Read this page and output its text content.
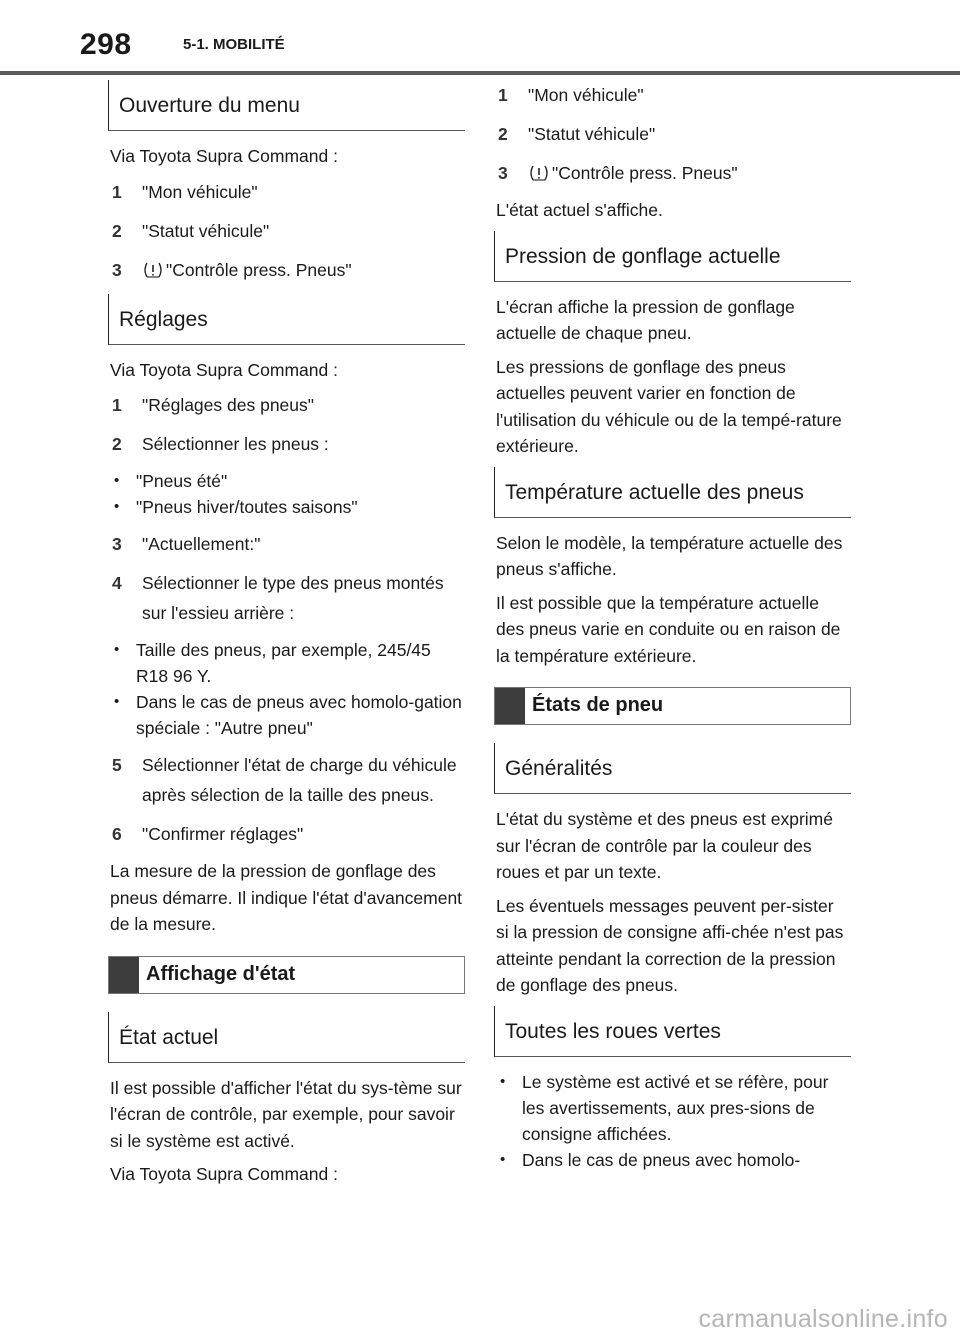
298	5-1. MOBILITÉ
Ouverture du menu

Via Toyota Supra Command :

1 "Mon véhicule"
2 "Statut véhicule"
3	"Contrôle press. Pneus"
Réglages

Via Toyota Supra Command :

1 "Réglages des pneus"
2 Sélectionner les pneus :
• "Pneus été"
• "Pneus hiver/toutes saisons"
3 "Actuellement:"
4 Sélectionner le type des pneus montés sur l'essieu arrière :
• Taille des pneus, par exemple, 245/45 R18 96 Y.
• Dans le cas de pneus avec homolo-gation spéciale : "Autre pneu"
5 Sélectionner l'état de charge du véhicule après sélection de la taille des pneus.
6 "Confirmer réglages"

La mesure de la pression de gonflage des pneus démarre. Il indique l'état d'avancement de la mesure.

Affichage d'état
État actuel

Il est possible d'afficher l'état du sys-tème sur l'écran de contrôle, par exemple, pour savoir si le système est activé.

Via Toyota Supra Command :

1 "Mon véhicule"
2 "Statut véhicule"
3	"Contrôle press. Pneus"

L'état actuel s'affiche.

Pression de gonflage actuelle

L'écran affiche la pression de gonflage actuelle de chaque pneu.

Les pressions de gonflage des pneus actuelles peuvent varier en fonction de l'utilisation du véhicule ou de la tempé-rature extérieure.

Température actuelle des pneus

Selon le modèle, la température actuelle des pneus s'affiche.

Il est possible que la température actuelle des pneus varie en conduite ou en raison de la température extérieure.

États de pneu
Généralités

L'état du système et des pneus est exprimé sur l'écran de contrôle par la couleur des roues et par un texte.

Les éventuels messages peuvent per-sister si la pression de consigne affi-chée n'est pas atteinte pendant la correction de la pression de gonflage des pneus.

Toutes les roues vertes
• Le système est activé et se réfère, pour les avertissements, aux pres-sions de consigne affichées.
• Dans le cas de pneus avec homolo-
carmanualsonline.info
